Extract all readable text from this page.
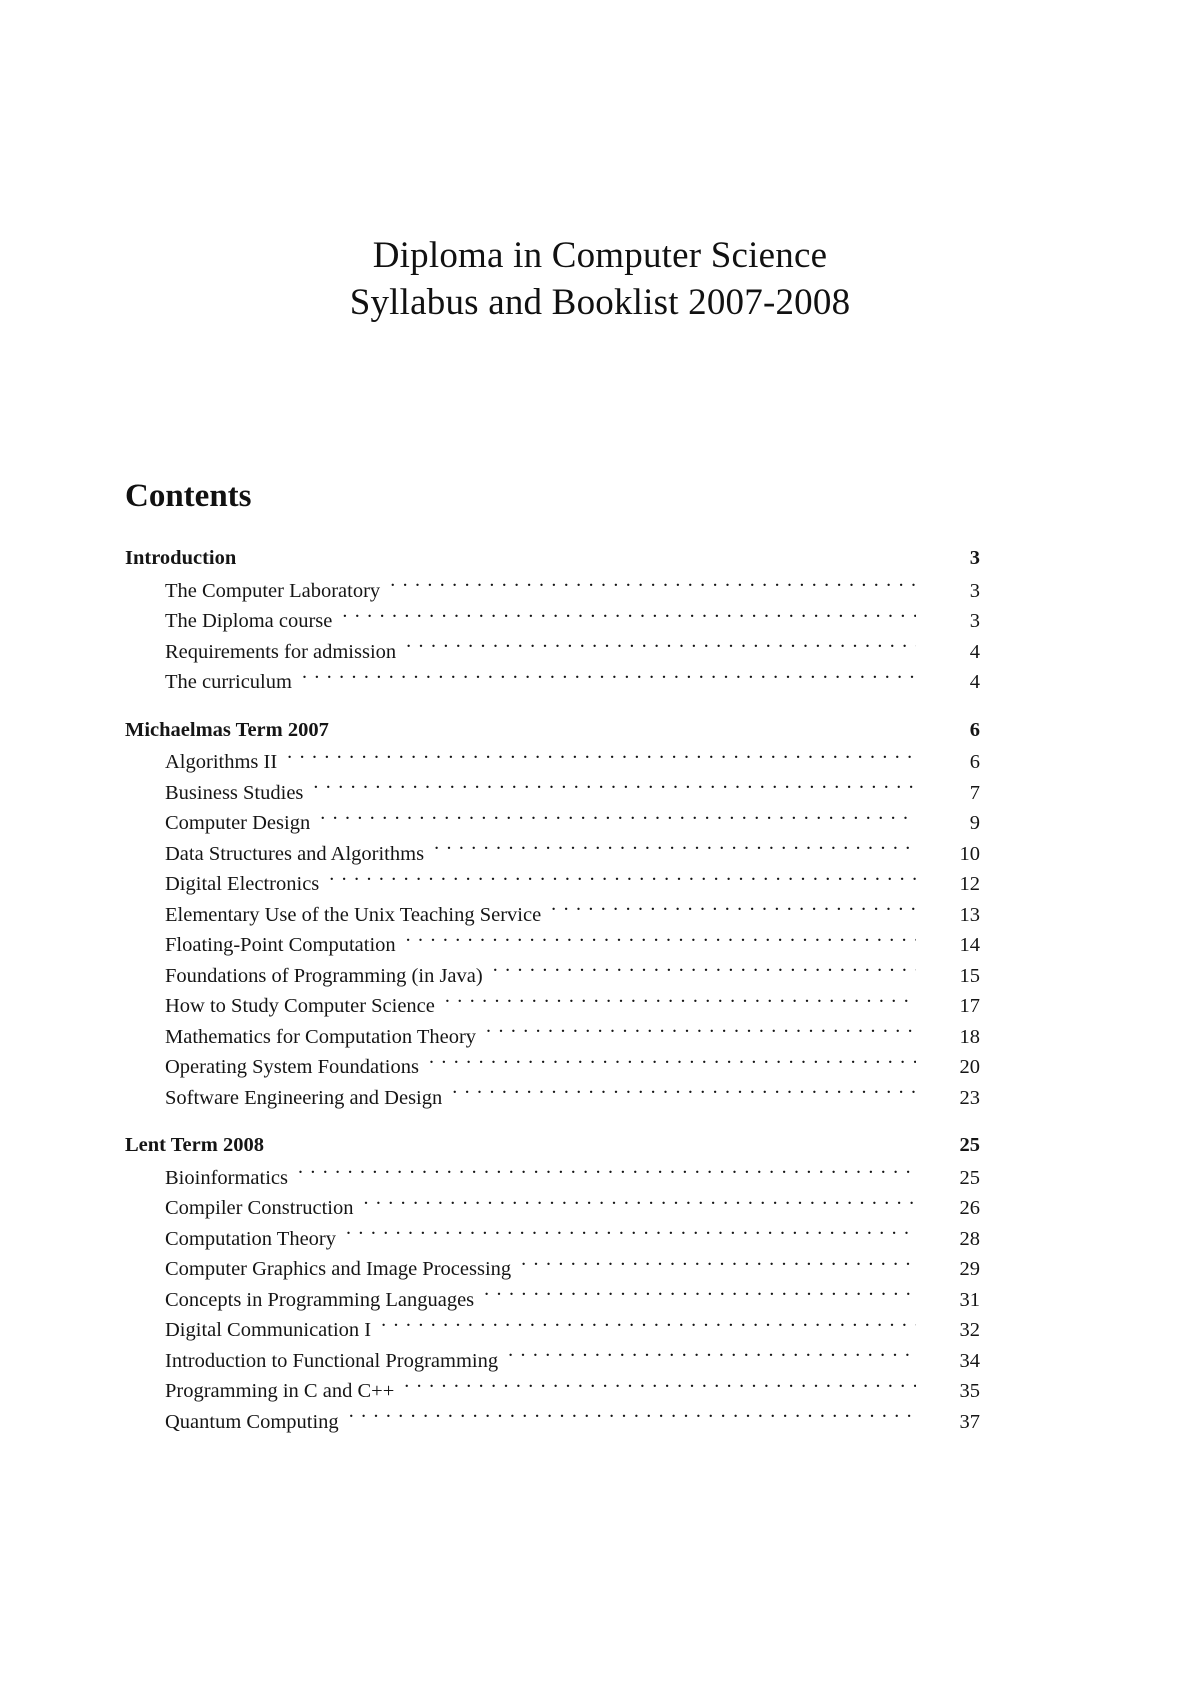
Diploma in Computer Science
Syllabus and Booklist 2007-2008
Contents
Introduction	3
The Computer Laboratory . . .	3
The Diploma course . . .	3
Requirements for admission . . .	4
The curriculum . . .	4
Michaelmas Term 2007	6
Algorithms II . . .	6
Business Studies . . .	7
Computer Design . . .	9
Data Structures and Algorithms . . .	10
Digital Electronics . . .	12
Elementary Use of the Unix Teaching Service . . .	13
Floating-Point Computation . . .	14
Foundations of Programming (in Java) . . .	15
How to Study Computer Science . . .	17
Mathematics for Computation Theory . . .	18
Operating System Foundations . . .	20
Software Engineering and Design . . .	23
Lent Term 2008	25
Bioinformatics . . .	25
Compiler Construction . . .	26
Computation Theory . . .	28
Computer Graphics and Image Processing . . .	29
Concepts in Programming Languages . . .	31
Digital Communication I . . .	32
Introduction to Functional Programming . . .	34
Programming in C and C++ . . .	35
Quantum Computing . . .	37
